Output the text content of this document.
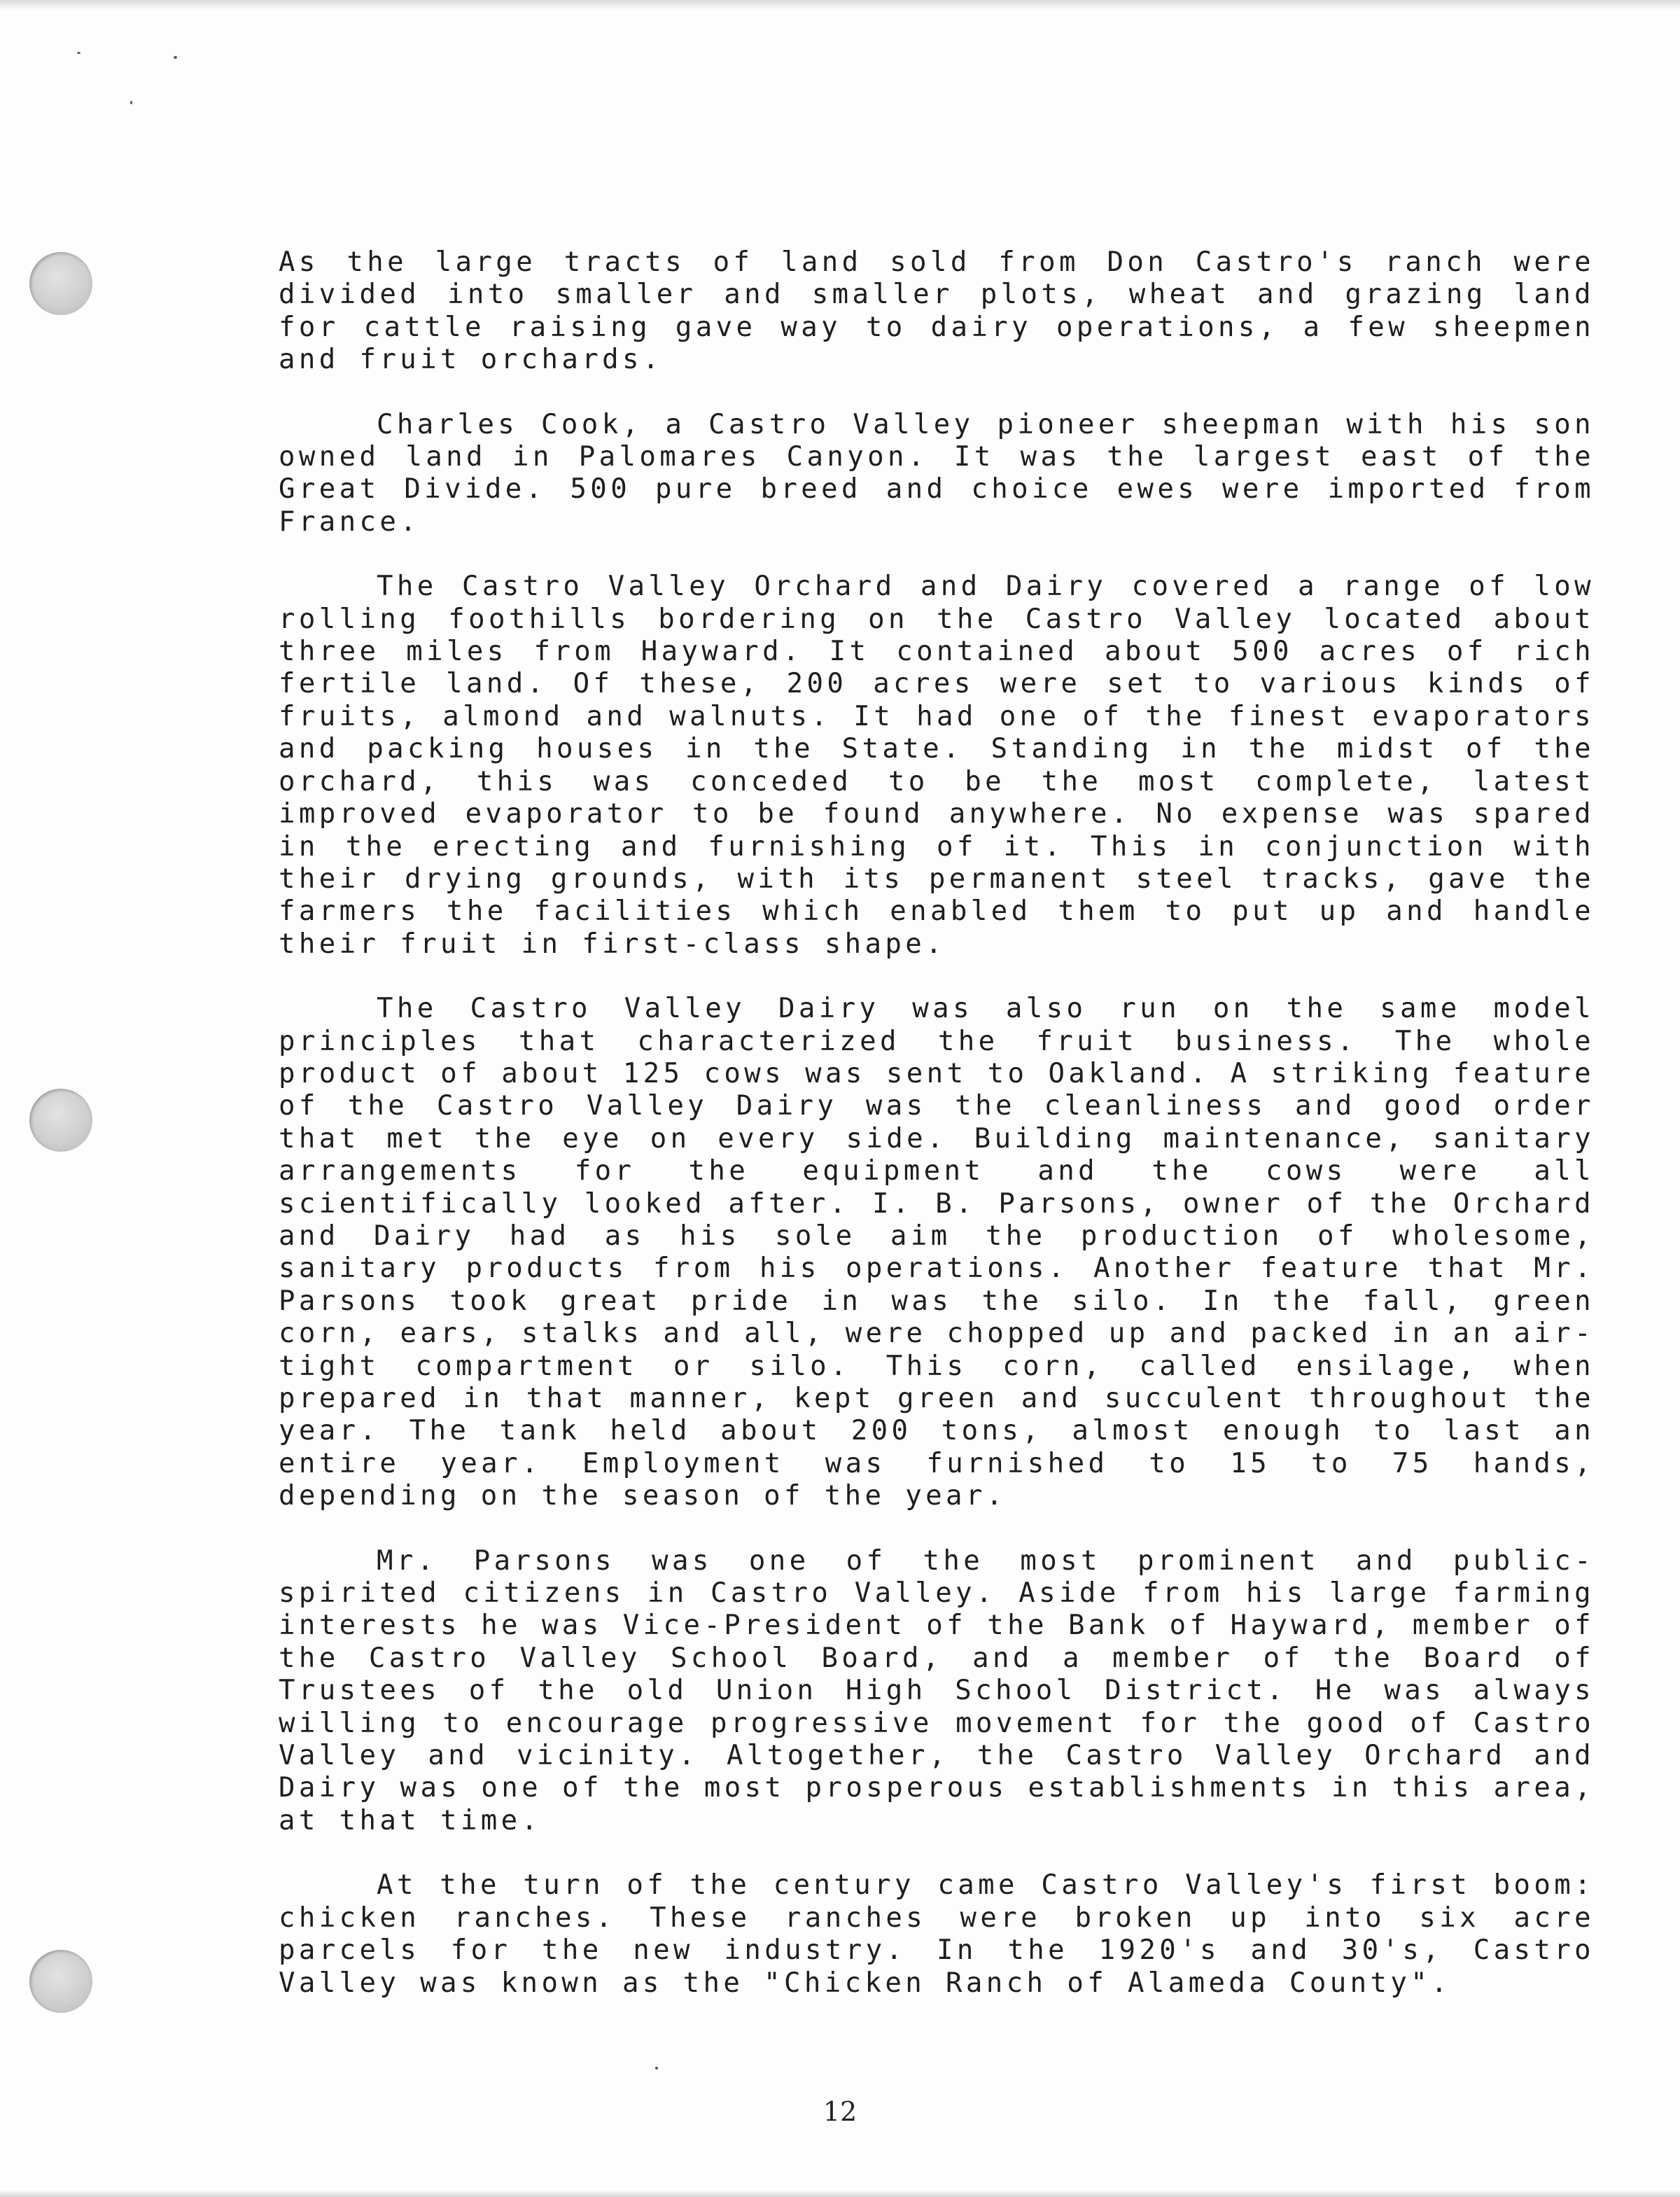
As the large tracts of land sold from Don Castro's ranch were divided into smaller and smaller plots, wheat and grazing land for cattle raising gave way to dairy operations, a few sheepmen and fruit orchards.

Charles Cook, a Castro Valley pioneer sheepman with his son owned land in Palomares Canyon. It was the largest east of the Great Divide. 500 pure breed and choice ewes were imported from France.

The Castro Valley Orchard and Dairy covered a range of low rolling foothills bordering on the Castro Valley located about three miles from Hayward. It contained about 500 acres of rich fertile land. Of these, 200 acres were set to various kinds of fruits, almond and walnuts. It had one of the finest evaporators and packing houses in the State. Standing in the midst of the orchard, this was conceded to be the most complete, latest improved evaporator to be found anywhere. No expense was spared in the erecting and furnishing of it. This in conjunction with their drying grounds, with its permanent steel tracks, gave the farmers the facilities which enabled them to put up and handle their fruit in first-class shape.

The Castro Valley Dairy was also run on the same model principles that characterized the fruit business. The whole product of about 125 cows was sent to Oakland. A striking feature of the Castro Valley Dairy was the cleanliness and good order that met the eye on every side. Building maintenance, sanitary arrangements for the equipment and the cows were all scientifically looked after. I. B. Parsons, owner of the Orchard and Dairy had as his sole aim the production of wholesome, sanitary products from his operations. Another feature that Mr. Parsons took great pride in was the silo. In the fall, green corn, ears, stalks and all, were chopped up and packed in an air-tight compartment or silo. This corn, called ensilage, when prepared in that manner, kept green and succulent throughout the year. The tank held about 200 tons, almost enough to last an entire year. Employment was furnished to 15 to 75 hands, depending on the season of the year.

Mr. Parsons was one of the most prominent and public-spirited citizens in Castro Valley. Aside from his large farming interests he was Vice-President of the Bank of Hayward, member of the Castro Valley School Board, and a member of the Board of Trustees of the old Union High School District. He was always willing to encourage progressive movement for the good of Castro Valley and vicinity. Altogether, the Castro Valley Orchard and Dairy was one of the most prosperous establishments in this area, at that time.

At the turn of the century came Castro Valley's first boom: chicken ranches. These ranches were broken up into six acre parcels for the new industry. In the 1920's and 30's, Castro Valley was known as the "Chicken Ranch of Alameda County".

12
